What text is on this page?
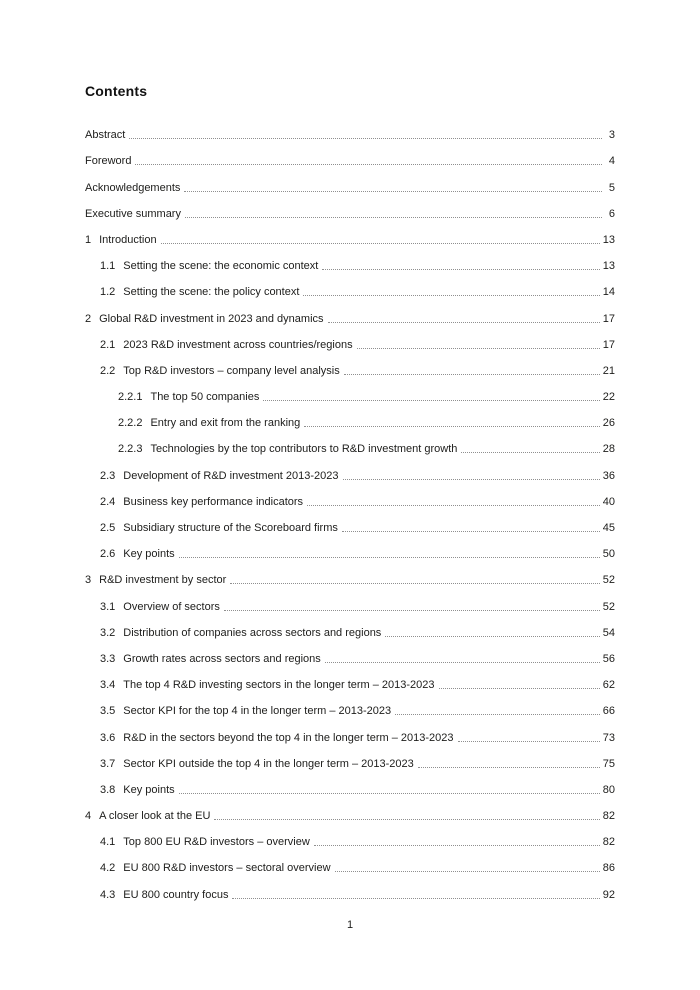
Contents
Abstract	3
Foreword	4
Acknowledgements	5
Executive summary	6
1 Introduction	13
1.1 Setting the scene: the economic context	13
1.2 Setting the scene: the policy context	14
2 Global R&D investment in 2023 and dynamics	17
2.1 2023 R&D investment across countries/regions	17
2.2 Top R&D investors – company level analysis	21
2.2.1 The top 50 companies	22
2.2.2 Entry and exit from the ranking	26
2.2.3 Technologies by the top contributors to R&D investment growth	28
2.3 Development of R&D investment 2013-2023	36
2.4 Business key performance indicators	40
2.5 Subsidiary structure of the Scoreboard firms	45
2.6 Key points	50
3 R&D investment by sector	52
3.1 Overview of sectors	52
3.2 Distribution of companies across sectors and regions	54
3.3 Growth rates across sectors and regions	56
3.4 The top 4 R&D investing sectors in the longer term – 2013-2023	62
3.5 Sector KPI for the top 4 in the longer term – 2013-2023	66
3.6 R&D in the sectors beyond the top 4 in the longer term – 2013-2023	73
3.7 Sector KPI outside the top 4 in the longer term – 2013-2023	75
3.8 Key points	80
4 A closer look at the EU	82
4.1 Top 800 EU R&D investors – overview	82
4.2 EU 800 R&D investors – sectoral overview	86
4.3 EU 800 country focus	92
1
